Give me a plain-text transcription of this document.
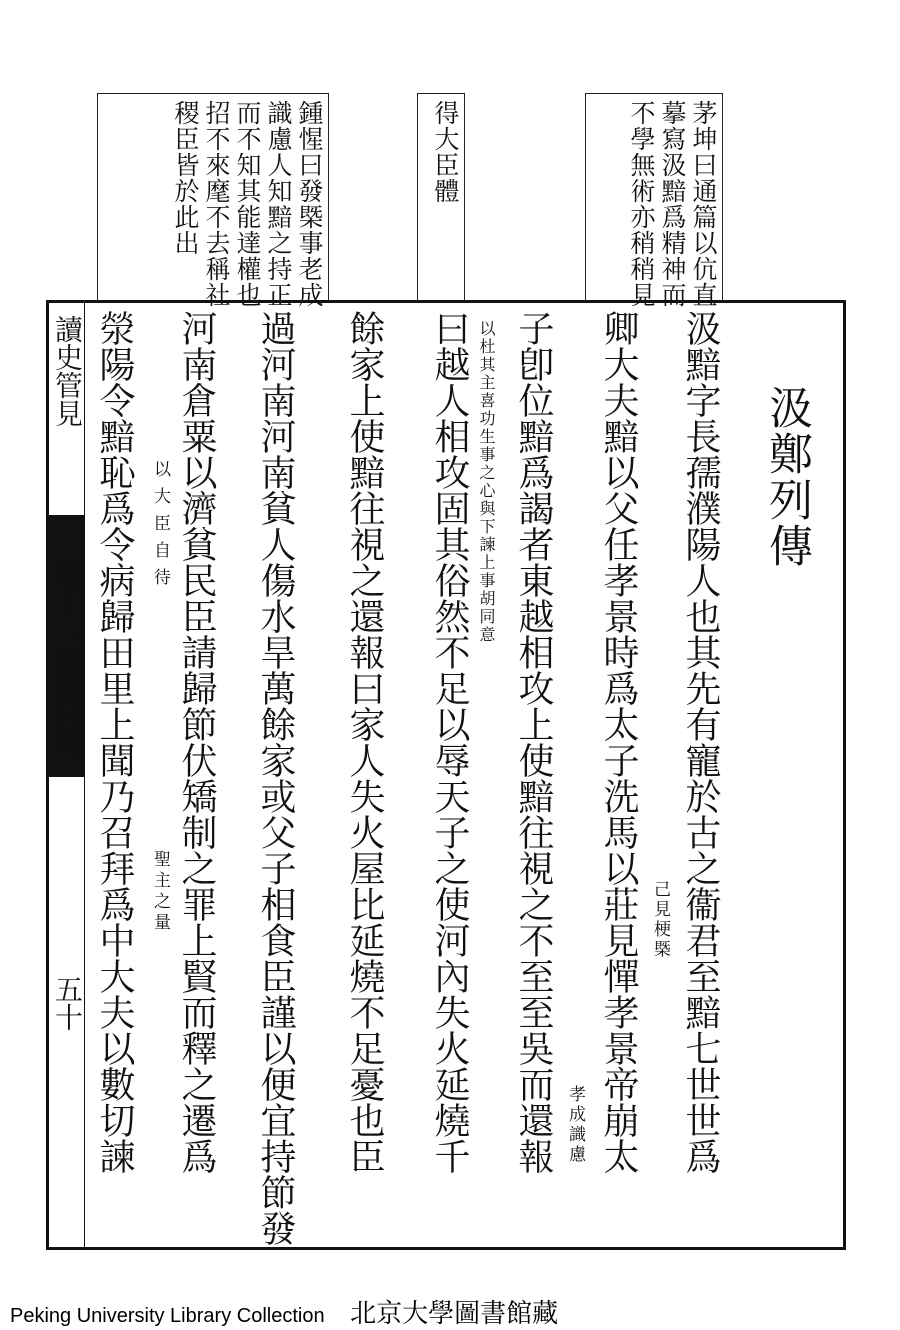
茅坤曰通篇以伉直
摹寫汲黯爲精神而
不學無術亦稍稍見
得大臣體
鍾惺曰發槩事老成
識慮人知黯之持正
而不知其能達權也
招不來麾不去稱社
稷臣皆於此出
讀史管見
卷十二汲鄭列傳
五十
汲鄭列傳
汲黯字長孺濮陽人也其先有寵於古之衞君至黯七世世爲
卿大夫黯以父任孝景時爲太子洗馬以莊見憚孝景帝崩太
子卽位黯爲謁者東越相攻上使黯往視之不至至吳而還報
曰越人相攻固其俗然不足以辱天子之使河內失火延燒千
餘家上使黯往視之還報曰家人失火屋比延燒不足憂也臣
過河南河南貧人傷水旱萬餘家或父子相食臣謹以便宜持節發
河南倉粟以濟貧民臣請歸節伏矯制之罪上賢而釋之遷爲
滎陽令黯恥爲令病歸田里上聞乃召拜爲中大夫以數切諫	己見梗槩
以杜其主喜功生事之心與下諫上事胡同意
孝成識慮
以大臣自待
聖主之量
Peking University Library Collection 北京大學圖書館藏
